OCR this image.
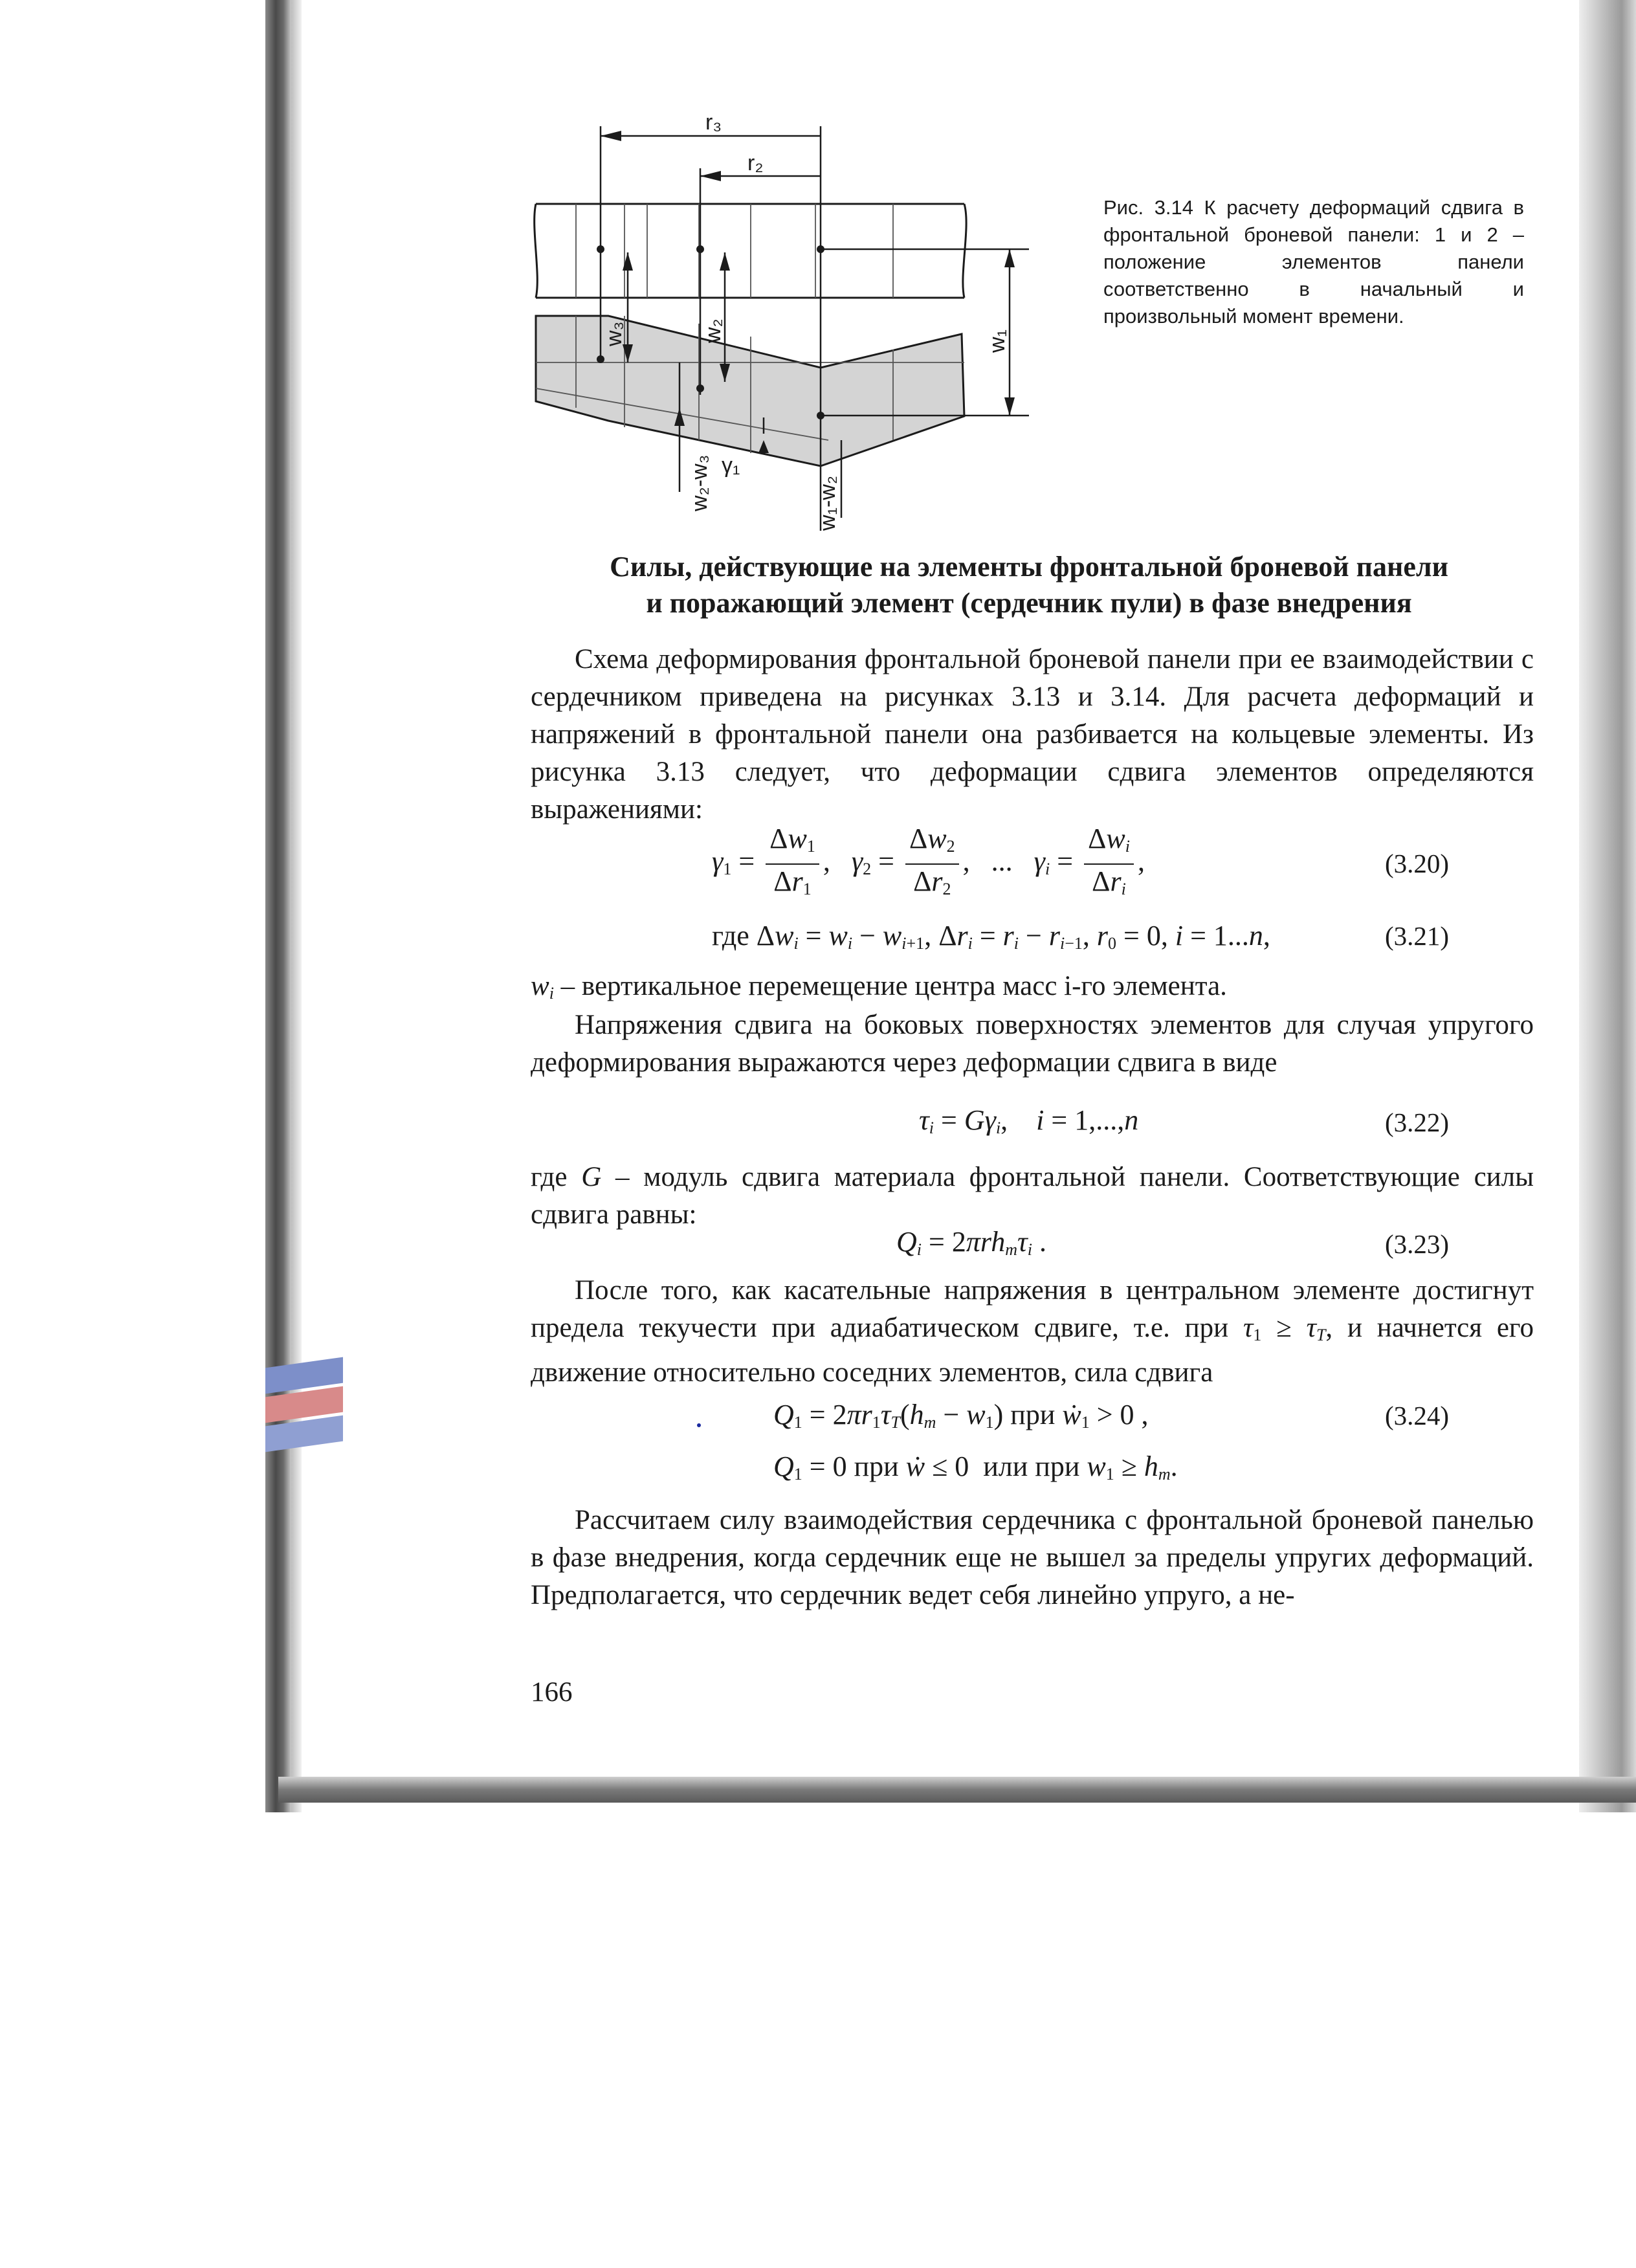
r₃
r₂
w₃	w₂	w₁
γ₁
w₂-w₃	w₁-w₂
Рис. 3.14 К расчету деформаций сдвига в фронтальной броневой панели: 1 и 2 – положение элементов панели соответственно в начальный и произвольный момент времени.
Силы, действующие на элементы фронтальной броневой панели
и поражающий элемент (сердечник пули) в фазе внедрения
Схема деформирования фронтальной броневой панели при ее взаимодействии с сердечником приведена на рисунках 3.13 и 3.14. Для расчета деформаций и напряжений в фронтальной панели она разбивается на кольцевые элементы. Из рисунка 3.13 следует, что деформации сдвига элементов определяются выражениями:
$\gamma_1 = \frac{\Delta w_1}{\Delta r_1}$ ,   $\gamma_2 = \frac{\Delta w_2}{\Delta r_2}$ ,   ... $\gamma_i = \frac{\Delta w_i}{\Delta r_i}$ ,	(3.20)
где $\Delta w_i = w_i - w_{i+1}$, $\Delta r_i = r_i - r_{i-1}$, $r_0 = 0$, i = 1...n,	(3.21)
$w_i$ – вертикальное перемещение центра масс i-го элемента.
Напряжения сдвига на боковых поверхностях элементов для случая упругого деформирования выражаются через деформации сдвига в виде
$\tau_i = G\gamma_i$,    i = 1,...,n	(3.22)
где G – модуль сдвига материала фронтальной панели. Соответствующие силы сдвига равны:
$Q_i = 2\pi rh_m\tau_i$ .	(3.23)
После того, как касательные напряжения в центральном элементе достигнут предела текучести при адиабатическом сдвиге, т.е. при $\tau_1 \ge \tau_T$, и начнется его движение относительно соседних элементов, сила сдвига
$Q_1 = 2\pi r_1\tau_T(h_m - w_1)$ при ẇ$_1$ > 0 ,	(3.24)
$Q_1 = 0$ при ẇ ≤ 0  или при $w_1 \ge h_m$.
Рассчитаем силу взаимодействия сердечника с фронтальной броневой панелью в фазе внедрения, когда сердечник еще не вышел за пределы упругих деформаций. Предполагается, что сердечник ведет себя линейно упруго, а не-
166
